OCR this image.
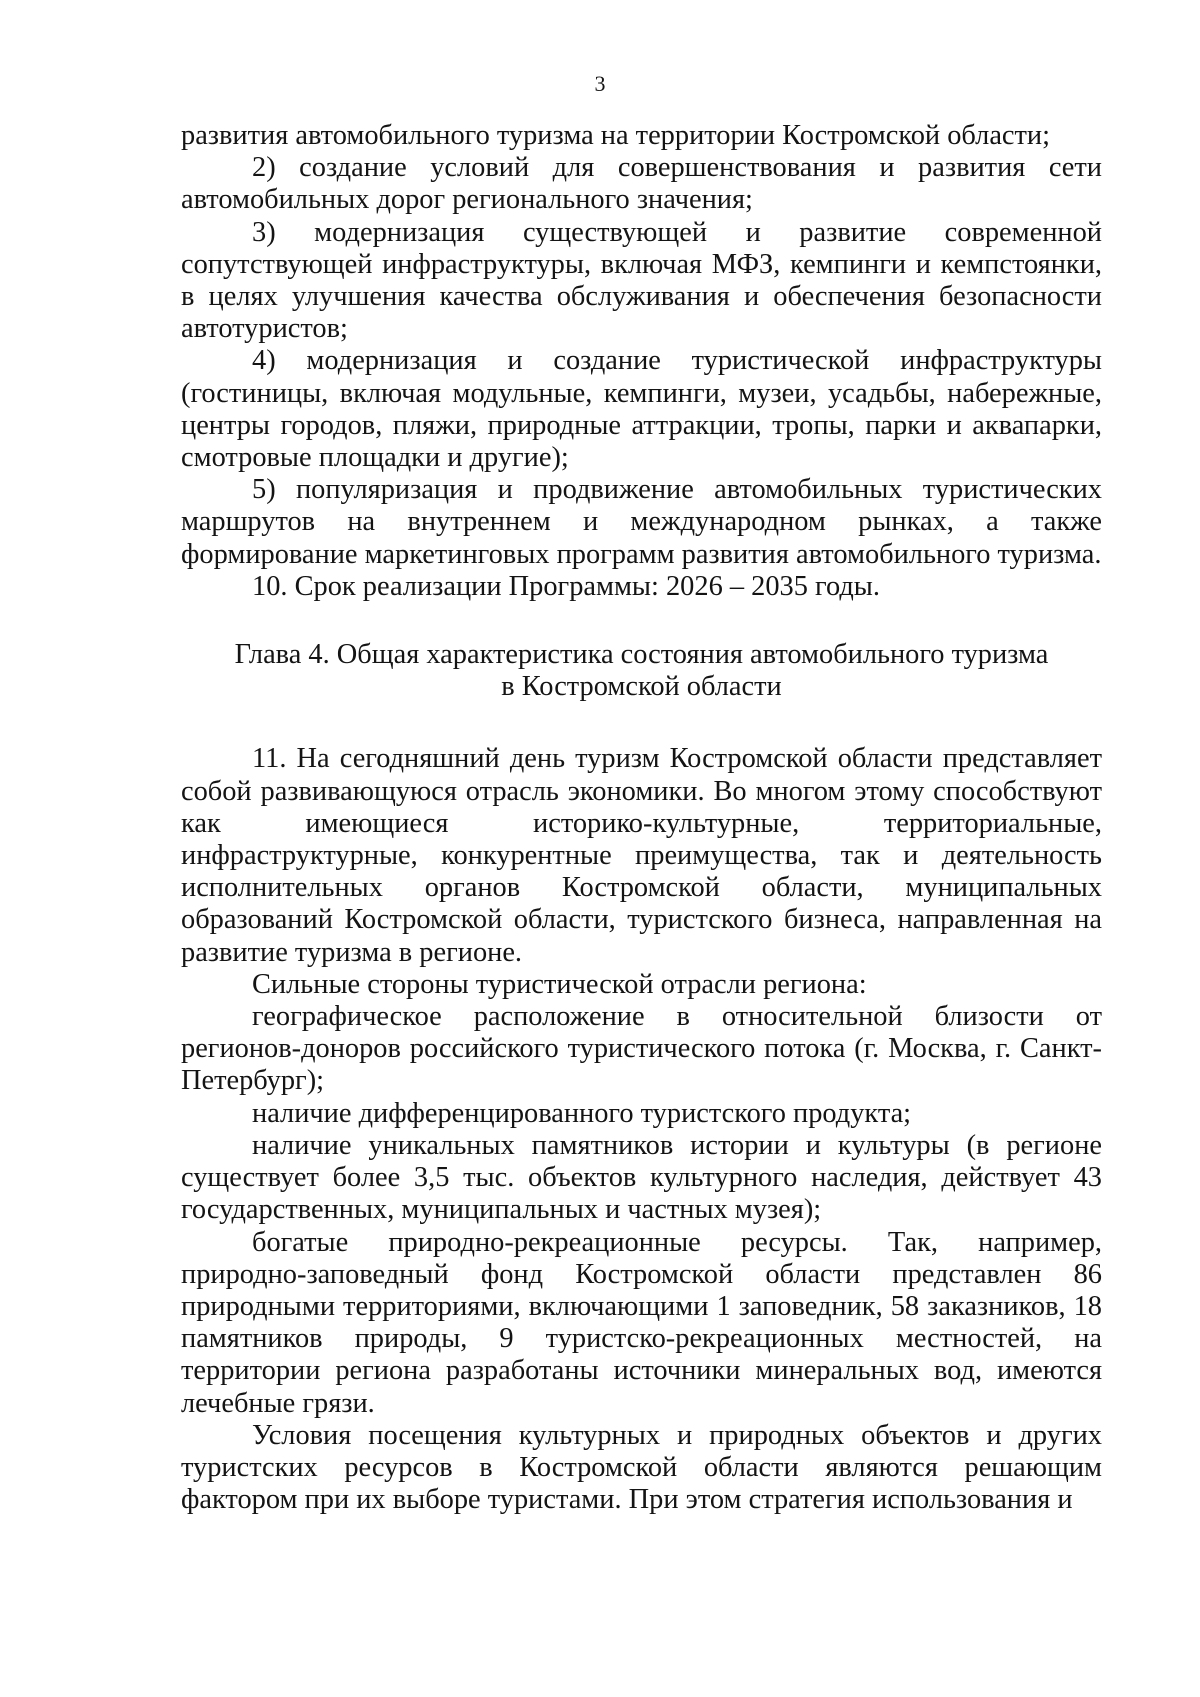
3

развития автомобильного туризма на территории Костромской области;

2) создание условий для совершенствования и развития сети автомобильных дорог регионального значения;

3) модернизация существующей и развитие современной сопутствующей инфраструктуры, включая МФЗ, кемпинги и кемпстоянки, в целях улучшения качества обслуживания и обеспечения безопасности автотуристов;

4) модернизация и создание туристической инфраструктуры (гостиницы, включая модульные, кемпинги, музеи, усадьбы, набережные, центры городов, пляжи, природные аттракции, тропы, парки и аквапарки, смотровые площадки и другие);

5) популяризация и продвижение автомобильных туристических маршрутов на внутреннем и международном рынках, а также формирование маркетинговых программ развития автомобильного туризма.

10. Срок реализации Программы: 2026 – 2035 годы.

Глава 4. Общая характеристика состояния автомобильного туризма
в Костромской области

11. На сегодняшний день туризм Костромской области представляет собой развивающуюся отрасль экономики. Во многом этому способствуют как имеющиеся историко-культурные, территориальные, инфраструктурные, конкурентные преимущества, так и деятельность исполнительных органов Костромской области, муниципальных образований Костромской области, туристского бизнеса, направленная на развитие туризма в регионе.

Сильные стороны туристической отрасли региона:

географическое расположение в относительной близости от регионов-доноров российского туристического потока (г. Москва, г. Санкт-Петербург);

наличие дифференцированного туристского продукта;

наличие уникальных памятников истории и культуры (в регионе существует более 3,5 тыс. объектов культурного наследия, действует 43 государственных, муниципальных и частных музея);

богатые природно-рекреационные ресурсы. Так, например, природно-заповедный фонд Костромской области представлен 86 природными территориями, включающими 1 заповедник, 58 заказников, 18 памятников природы, 9 туристско-рекреационных местностей, на территории региона разработаны источники минеральных вод, имеются лечебные грязи.

Условия посещения культурных и природных объектов и других туристских ресурсов в Костромской области являются решающим фактором при их выборе туристами. При этом стратегия использования и
